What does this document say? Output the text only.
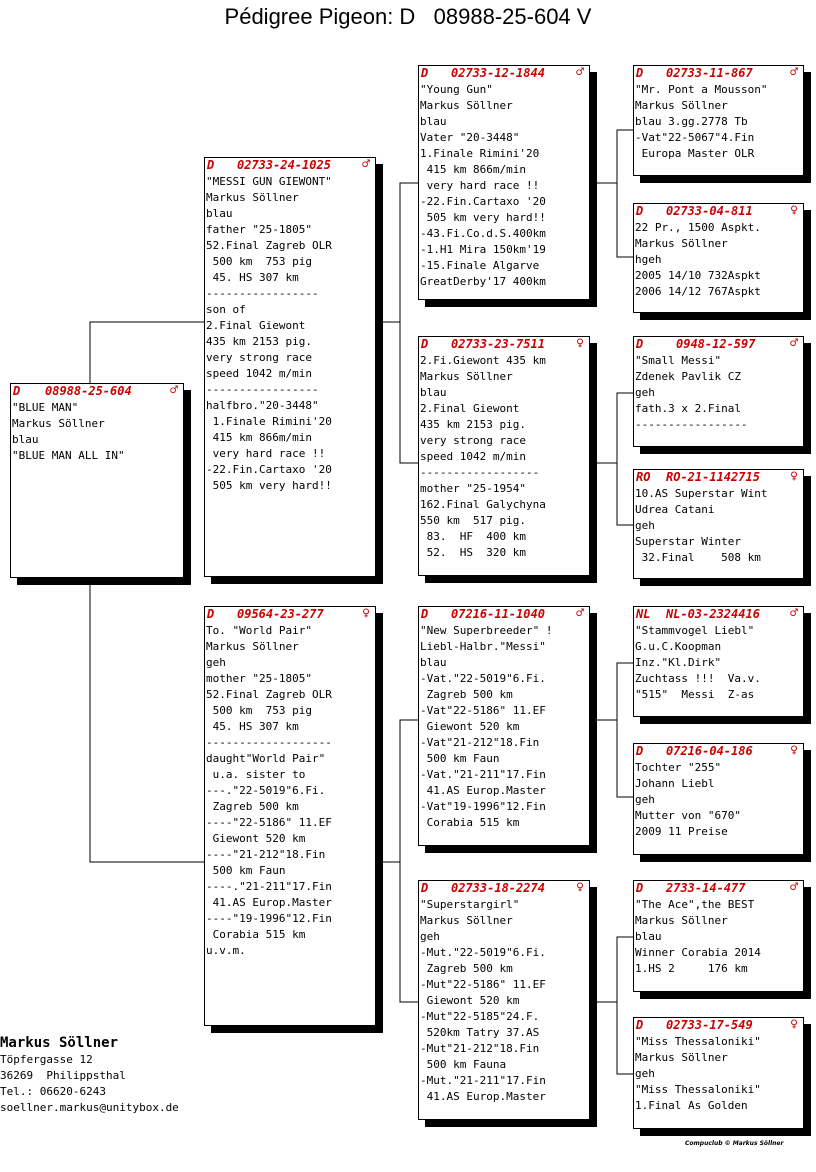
Pédigree Pigeon: D   08988-25-604 V
D 08988-25-604	♂
"BLUE MAN"
Markus Söllner
blau
"BLUE MAN ALL IN"
D 02733-24-1025 ♂
"MESSI GUN GIEWONT"
Markus Söllner
blau
father "25-1805"
52.Final Zagreb OLR
500 km  753 pig
45. HS 307 km
-----------------
son of
2.Final Giewont
435 km 2153 pig.
very strong race
speed 1042 m/min
-----------------
halfbro."20-3448"
1.Finale Rimini'20
415 km 866m/min
very hard race !!
-22.Fin.Cartaxo '20
505 km very hard!!
D 09564-23-277	♀
To. "World Pair"
Markus Söllner
geh
mother "25-1805"
52.Final Zagreb OLR
500 km  753 pig
45. HS 307 km
-------------------
daught"World Pair"
u.a. sister to
---."22-5019"6.Fi.
Zagreb 500 km
----"22-5186" 11.EF
Giewont 520 km
----"21-212"18.Fin
500 km Faun
----."21-211"17.Fin
41.AS Europ.Master
----"19-1996"12.Fin
Corabia 515 km
u.v.m.
D 02733-12-1844 ♂
"Young Gun"
Markus Söllner
blau
Vater "20-3448"
1.Finale Rimini'20
415 km 866m/min
very hard race !!
-22.Fin.Cartaxo '20
505 km very hard!!
-43.Fi.Co.d.S.400km
-1.H1 Mira 150km'19
-15.Finale Algarve
GreatDerby'17 400km
D 02733-23-7511 ♀
2.Fi.Giewont 435 km
Markus Söllner
blau
2.Final Giewont
435 km 2153 pig.
very strong race
speed 1042 m/min
------------------
mother "25-1954"
162.Final Galychyna
550 km  517 pig.
83.  HF  400 km
52.  HS  320 km
D 07216-11-1040 ♂
"New Superbreeder" !
Liebl-Halbr."Messi"
blau
-Vat."22-5019"6.Fi.
Zagreb 500 km
-Vat"22-5186" 11.EF
Giewont 520 km
-Vat"21-212"18.Fin
500 km Faun
-Vat."21-211"17.Fin
41.AS Europ.Master
-Vat"19-1996"12.Fin
Corabia 515 km
D 02733-18-2274 ♀
"Superstargirl"
Markus Söllner
geh
-Mut."22-5019"6.Fi.
Zagreb 500 km
-Mut"22-5186" 11.EF
Giewont 520 km
-Mut"22-5185"24.F.
520km Tatry 37.AS
-Mut"21-212"18.Fin
500 km Fauna
-Mut."21-211"17.Fin
41.AS Europ.Master
D 02733-11-867	♂
"Mr. Pont a Mousson"
Markus Söllner
blau 3.gg.2778 Tb
-Vat"22-5067"4.Fin
Europa Master OLR
D 02733-04-811	♀
22 Pr., 1500 Aspkt.
Markus Söllner
hgeh
2005 14/10 732Aspkt
2006 14/12 767Aspkt
D	0948-12-597	♂
"Small Messi"
Zdenek Pavlik CZ
geh
fath.3 x 2.Final
-----------------
RO RO-21-1142715 ♀
10.AS Superstar Wint
Udrea Catani
geh
Superstar Winter
32.Final    508 km
NL NL-03-2324416 ♂
"Stammvogel Liebl"
G.u.C.Koopman
Inz."Kl.Dirk"
Zuchtass !!!  Va.v.
"515"  Messi  Z-as
D 07216-04-186	♀
Tochter "255"
Johann Liebl
geh
Mutter von "670"
2009 11 Preise
D 2733-14-477	♂
"The Ace",the BEST
Markus Söllner
blau
Winner Corabia 2014
1.HS 2     176 km
D 02733-17-549	♀
"Miss Thessaloniki"
Markus Söllner
geh
"Miss Thessaloniki"
1.Final As Golden
Markus Söllner
Töpfergasse 12
36269  Philippsthal
Tel.: 06620-6243
soellner.markus@unitybox.de
Compuclub © Markus Söllner
